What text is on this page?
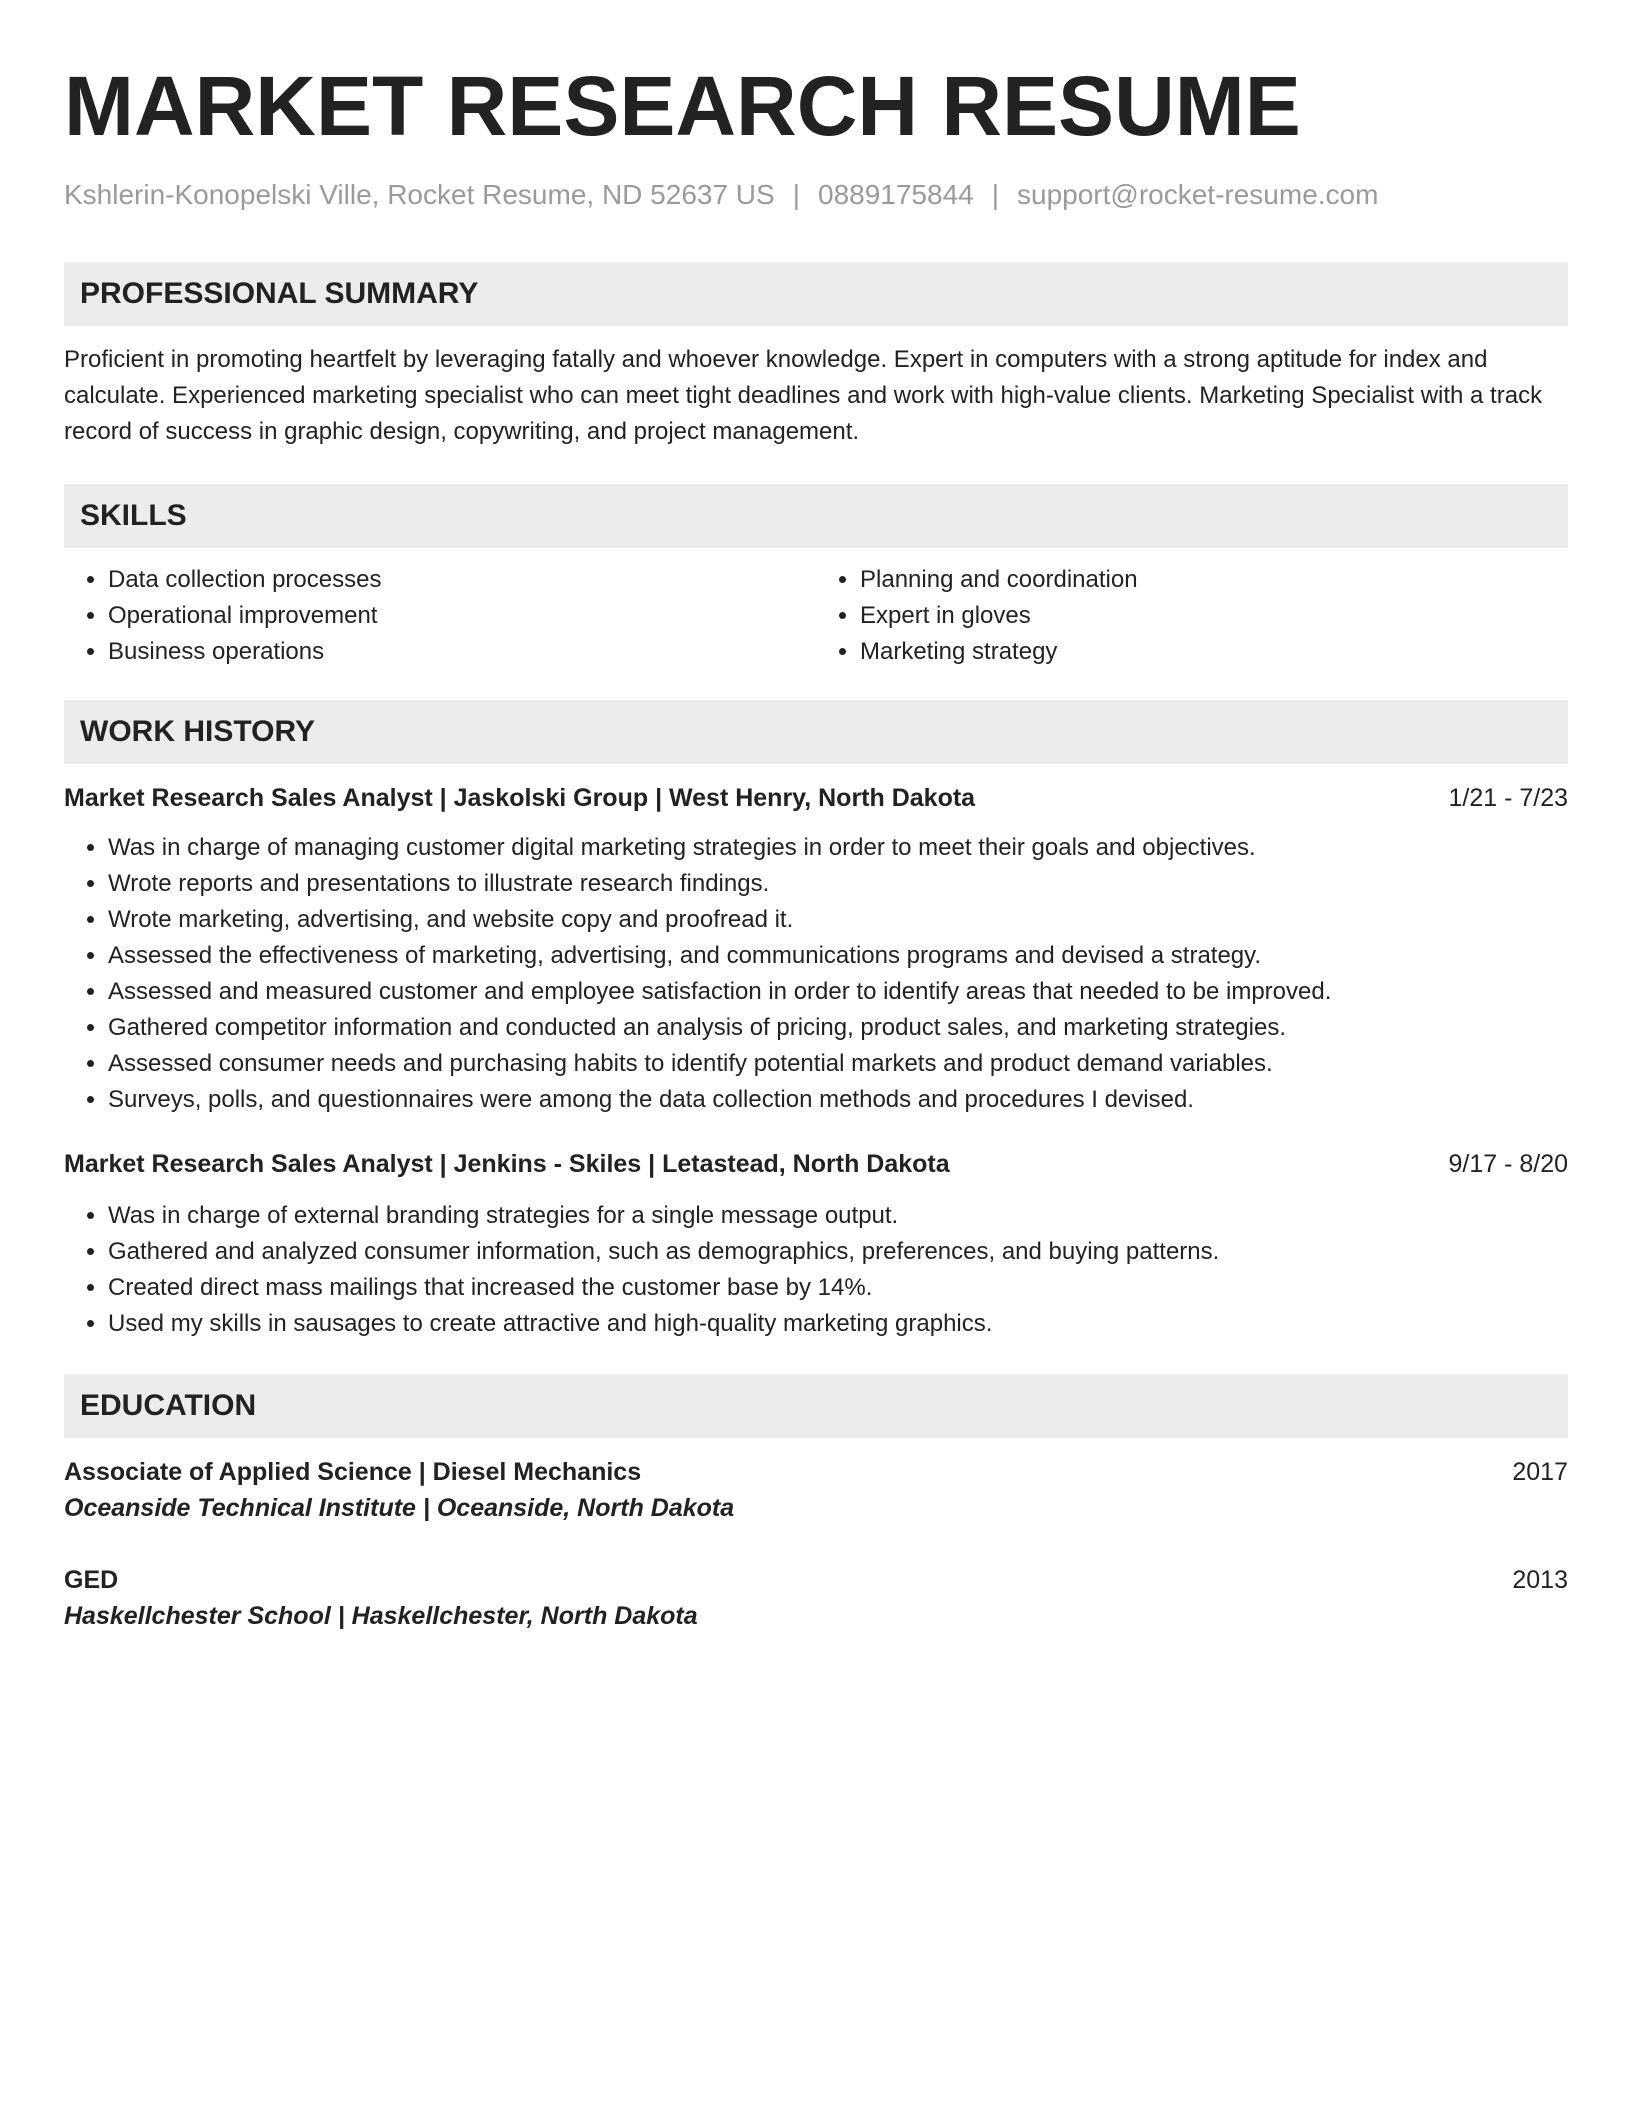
MARKET RESEARCH RESUME
Kshlerin-Konopelski Ville, Rocket Resume, ND 52637 US | 0889175844 | support@rocket-resume.com
PROFESSIONAL SUMMARY
Proficient in promoting heartfelt by leveraging fatally and whoever knowledge. Expert in computers with a strong aptitude for index and calculate. Experienced marketing specialist who can meet tight deadlines and work with high-value clients. Marketing Specialist with a track record of success in graphic design, copywriting, and project management.
SKILLS
• Data collection processes
• Operational improvement
• Business operations
• Planning and coordination
• Expert in gloves
• Marketing strategy
WORK HISTORY
Market Research Sales Analyst | Jaskolski Group | West Henry, North Dakota	1/21 - 7/23
• Was in charge of managing customer digital marketing strategies in order to meet their goals and objectives.
• Wrote reports and presentations to illustrate research findings.
• Wrote marketing, advertising, and website copy and proofread it.
• Assessed the effectiveness of marketing, advertising, and communications programs and devised a strategy.
• Assessed and measured customer and employee satisfaction in order to identify areas that needed to be improved.
• Gathered competitor information and conducted an analysis of pricing, product sales, and marketing strategies.
• Assessed consumer needs and purchasing habits to identify potential markets and product demand variables.
• Surveys, polls, and questionnaires were among the data collection methods and procedures I devised.
Market Research Sales Analyst | Jenkins - Skiles | Letastead, North Dakota	9/17 - 8/20
• Was in charge of external branding strategies for a single message output.
• Gathered and analyzed consumer information, such as demographics, preferences, and buying patterns.
• Created direct mass mailings that increased the customer base by 14%.
• Used my skills in sausages to create attractive and high-quality marketing graphics.
EDUCATION
Associate of Applied Science | Diesel Mechanics	2017
Oceanside Technical Institute | Oceanside, North Dakota
GED	2013
Haskellchester School | Haskellchester, North Dakota
